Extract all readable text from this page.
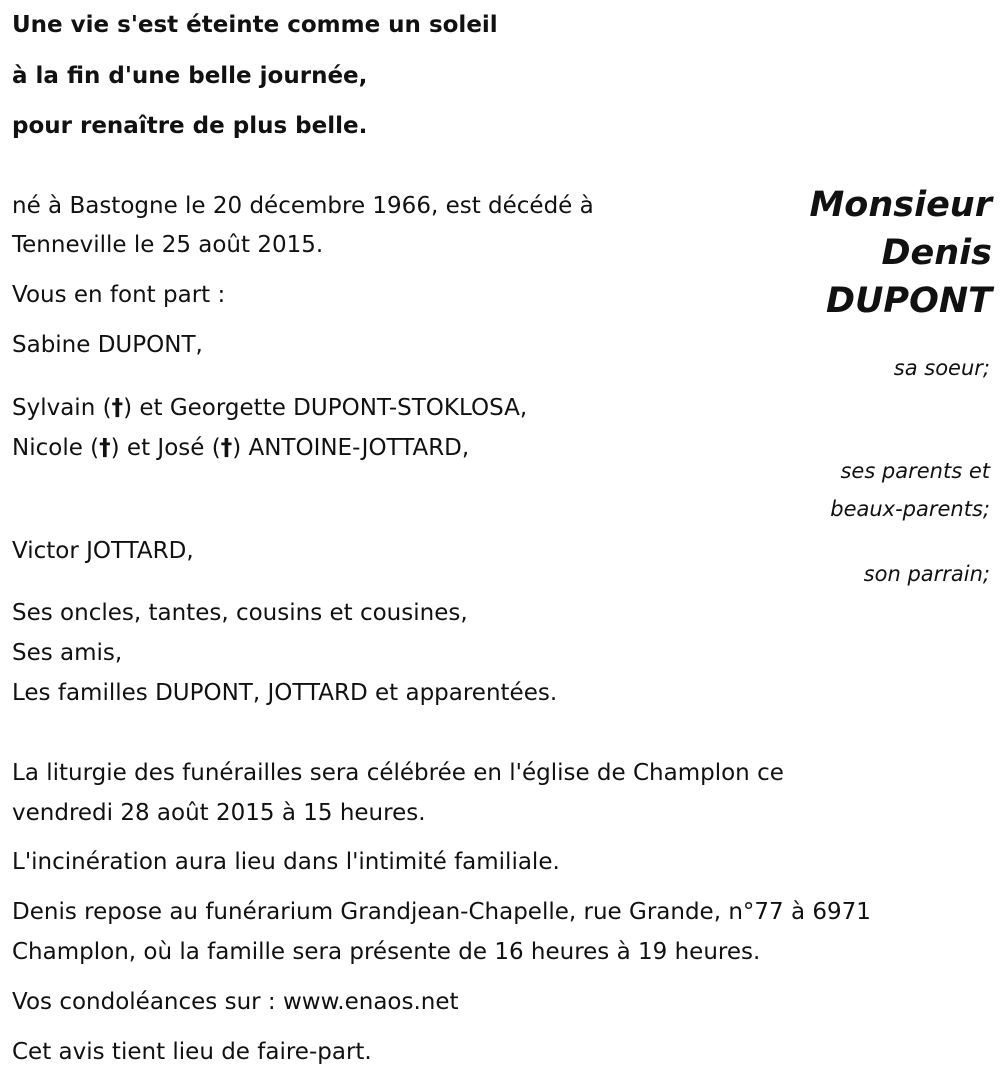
Une vie s'est éteinte comme un soleil

à la fin d'une belle journée,

pour renaître de plus belle.

Monsieur

Denis

DUPONT

né à Bastogne le 20 décembre 1966, est décédé à

Tenneville le 25 août 2015.

Vous en font part :

Sabine DUPONT,

sa soeur;

Sylvain (†) et Georgette DUPONT-STOKLOSA,

Nicole (†) et José (†) ANTOINE-JOTTARD,

ses parents et

beaux-parents;

Victor JOTTARD,

son parrain;

Ses oncles, tantes, cousins et cousines,

Ses amis,

Les familles DUPONT, JOTTARD et apparentées.

La liturgie des funérailles sera célébrée en l'église de Champlon ce

vendredi 28 août 2015 à 15 heures.

L'incinération aura lieu dans l'intimité familiale.

Denis repose au funérarium Grandjean-Chapelle, rue Grande, n°77 à 6971

Champlon, où la famille sera présente de 16 heures à 19 heures.

Vos condoléances sur : www.enaos.net

Cet avis tient lieu de faire-part.
